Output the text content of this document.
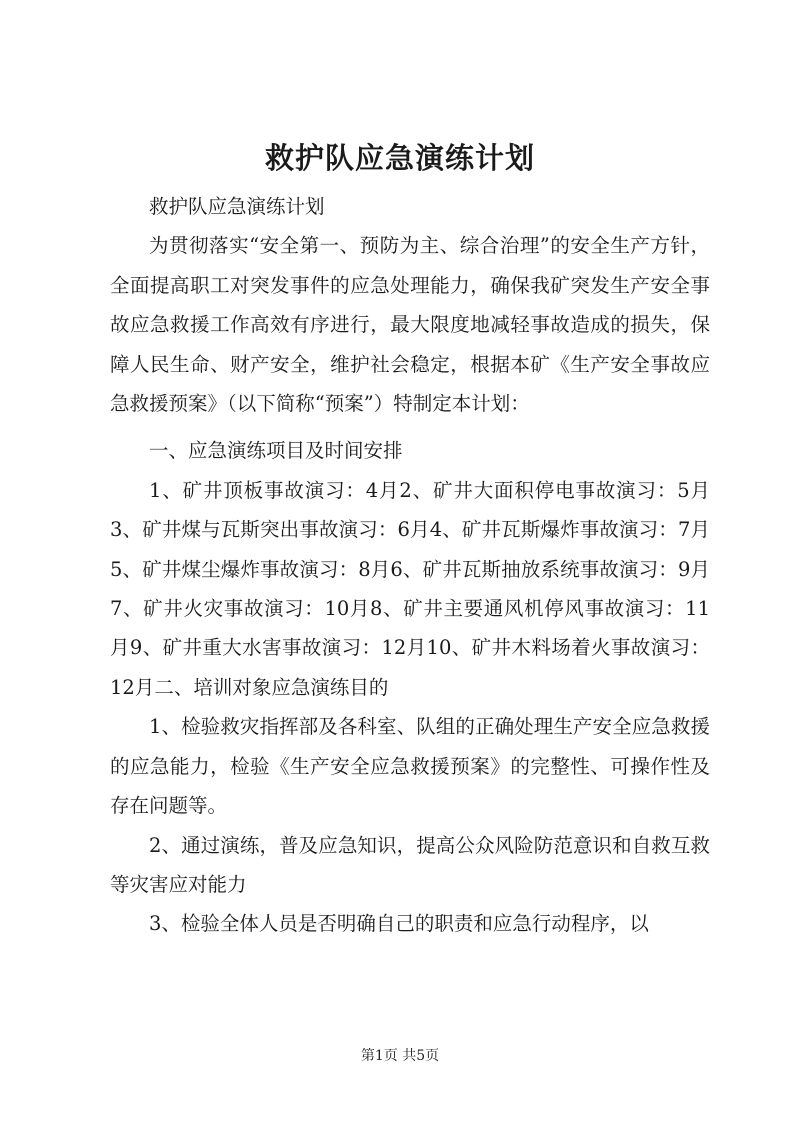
救护队应急演练计划

救护队应急演练计划

为贯彻落实“安全第一、预防为主、综合治理”的安全生产方针，全面提高职工对突发事件的应急处理能力，确保我矿突发生产安全事故应急救援工作高效有序进行，最大限度地减轻事故造成的损失，保障人民生命、财产安全，维护社会稳定，根据本矿《生产安全事故应急救援预案》（以下简称“预案”）特制定本计划：

一、应急演练项目及时间安排

1、矿井顶板事故演习：4月2、矿井大面积停电事故演习：5月3、矿井煤与瓦斯突出事故演习：6月4、矿井瓦斯爆炸事故演习：7月5、矿井煤尘爆炸事故演习：8月6、矿井瓦斯抽放系统事故演习：9月7、矿井火灾事故演习：10月8、矿井主要通风机停风事故演习：11月9、矿井重大水害事故演习：12月10、矿井木料场着火事故演习：12月二、培训对象应急演练目的

1、检验救灾指挥部及各科室、队组的正确处理生产安全应急救援的应急能力，检验《生产安全应急救援预案》的完整性、可操作性及存在问题等。

2、通过演练，普及应急知识，提高公众风险防范意识和自救互救等灾害应对能力

3、检验全体人员是否明确自己的职责和应急行动程序，以

第1页 共5页
